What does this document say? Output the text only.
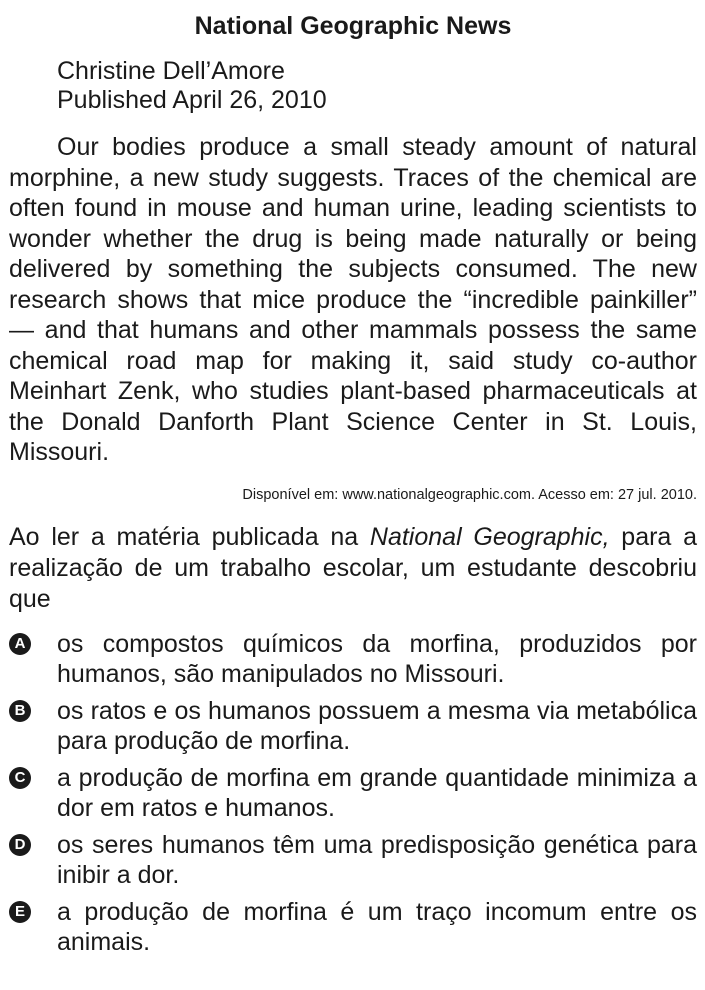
National Geographic News
Christine Dell’Amore
Published April 26, 2010

Our bodies produce a small steady amount of natural morphine, a new study suggests. Traces of the chemical are often found in mouse and human urine, leading scientists to wonder whether the drug is being made naturally or being delivered by something the subjects consumed. The new research shows that mice produce the “incredible painkiller” — and that humans and other mammals possess the same chemical road map for making it, said study co-author Meinhart Zenk, who studies plant-based pharmaceuticals at the Donald Danforth Plant Science Center in St. Louis, Missouri.

Disponível em: www.nationalgeographic.com. Acesso em: 27 jul. 2010.

Ao ler a matéria publicada na National Geographic, para a realização de um trabalho escolar, um estudante descobriu que

A os compostos químicos da morfina, produzidos por humanos, são manipulados no Missouri.
B os ratos e os humanos possuem a mesma via metabólica para produção de morfina.
C a produção de morfina em grande quantidade minimiza a dor em ratos e humanos.
D os seres humanos têm uma predisposição genética para inibir a dor.
E a produção de morfina é um traço incomum entre os animais.
